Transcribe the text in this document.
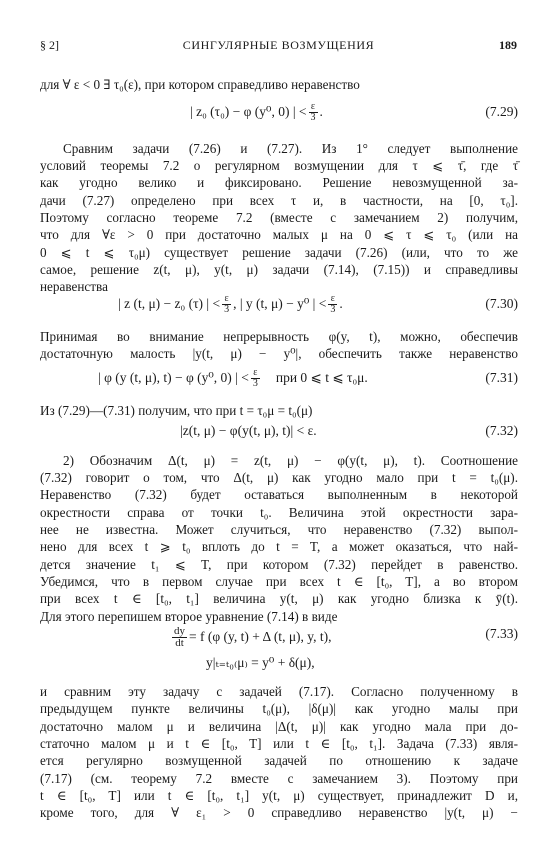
§ 2]	СИНГУЛЯРНЫЕ ВОЗМУЩЕНИЯ	189
для ∀ ε < 0 ∃ τ₀(ε), при котором справедливо неравенство
| z₀ (τ₀) − φ (y⁰, 0) | < $\frac{\varepsilon}{3}$ .	(7.29)
Сравним задачи (7.26) и (7.27). Из 1° следует выполнение
условий теоремы 7.2 о регулярном возмущении для τ ⩽ τ̄, где τ̄
как угодно велико и фиксировано. Решение невозмущенной за-
дачи (7.27) определено при всех τ и, в частности, на [0, τ₀].
Поэтому согласно теореме 7.2 (вместе с замечанием 2) получим,
что для ∀ε > 0 при достаточно малых μ на 0 ⩽ τ ⩽ τ₀ (или на
0 ⩽ t ⩽ τ₀μ) существует решение задачи (7.26) (или, что то же
самое, решение z(t, μ), y(t, μ) задачи (7.14), (7.15)) и справедливы
неравенства
| z (t, μ) − z₀ (τ) | < $\frac{\varepsilon}{3}$ , | y (t, μ) − y⁰ | < $\frac{\varepsilon}{3}$ .	(7.30)
Принимая во внимание непрерывность φ(y, t), можно, обеспечив
достаточную малость |y(t, μ) − y⁰|, обеспечить также неравенство
| φ (y (t, μ), t) − φ (y⁰, 0) | < $\frac{\varepsilon}{3}$ при 0 ⩽ t ⩽ τ₀μ.	(7.31)
Из (7.29)—(7.31) получим, что при t = τ₀μ = t₀(μ)
|z(t, μ) − φ(y(t, μ), t)| < ε.	(7.32)
2) Обозначим Δ(t, μ) = z(t, μ) − φ(y(t, μ), t). Соотношение
(7.32) говорит о том, что Δ(t, μ) как угодно мало при t = t₀(μ).
Неравенство (7.32) будет оставаться выполненным в некоторой
окрестности справа от точки t₀. Величина этой окрестности зара-
нее не известна. Может случиться, что неравенство (7.32) выпол-
нено для всех t ⩾ t₀ вплоть до t = T, а может оказаться, что най-
дется значение t₁ ⩽ T, при котором (7.32) перейдет в равенство.
Убедимся, что в первом случае при всех t ∈ [t₀, T], а во втором
при всех t ∈ [t₀, t₁] величина y(t, μ) как угодно близка к ȳ(t).
Для этого перепишем второе уравнение (7.14) в виде
$\frac{dy}{dt} = f$ (φ (y, t) + Δ (t, μ), y, t),	(7.33)
y|ₜ₌ₜ₀₍μ₎ = y⁰ + δ(μ),
и сравним эту задачу с задачей (7.17). Согласно полученному в
предыдущем пункте величины t₀(μ), |δ(μ)| как угодно малы при
достаточно малом μ и величина |Δ(t, μ)| как угодно мала при до-
статочно малом μ и t ∈ [t₀, T] или t ∈ [t₀, t₁]. Задача (7.33) явля-
ется регулярно возмущенной задачей по отношению к задаче
(7.17) (см. теорему 7.2 вместе с замечанием 3). Поэтому при
t ∈ [t₀, T] или t ∈ [t₀, t₁] y(t, μ) существует, принадлежит D и,
кроме того, для ∀ ε₁ > 0 справедливо неравенство |y(t, μ) −
